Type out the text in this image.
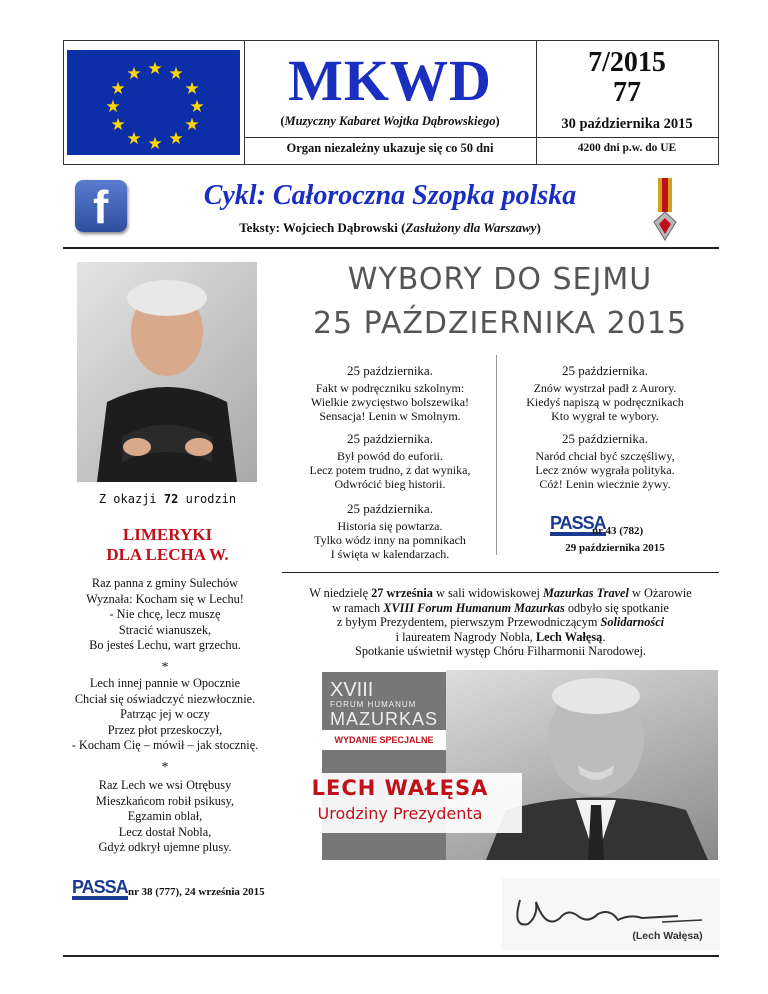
★ ★
★
★
★
★
★
★
★
★
★
★	MKWD
(Muzyczny Kabaret Wojtka Dąbrowskiego)
Organ niezależny ukazuje się co 50 dni
7/2015
77
30 października 2015
4200 dni p.w. do UE
f	Cykl: Całoroczna Szopka polska
Teksty: Wojciech Dąbrowski (Zasłużony dla Warszawy)
Z okazji 72 urodzin
LIMERYKI
DLA LECHA W.
Raz panna z gminy Sulechów
Wyznała: Kocham się w Lechu!
- Nie chcę, lecz muszę
Stracić wianuszek,
Bo jesteś Lechu, wart grzechu.
*
Lech innej pannie w Opocznie
Chciał się oświadczyć niezwłocznie.
Patrząc jej w oczy
Przez płot przeskoczył,
- Kocham Cię – mówił – jak stocznię.
*
Raz Lech we wsi Otrębusy
Mieszkańcom robił psikusy,
Egzamin oblał,
Lecz dostał Nobla,
Gdyż odkrył ujemne plusy.
PASSA nr 38 (777), 24 września 2015
WYBORY DO SEJMU
25 PAŹDZIERNIKA 2015
25 października.
Fakt w podręczniku szkolnym:
Wielkie zwycięstwo bolszewika!
Sensacja! Lenin w Smolnym.
25 października.
Znów wystrzał padł z Aurory.
Kiedyś napiszą w podręcznikach
Kto wygrał te wybory.
25 października.
Był powód do euforii.
Lecz potem trudno, z dat wynika,
Odwrócić bieg historii.
25 października.
Naród chciał być szczęśliwy,
Lecz znów wygrała polityka.
Cóż! Lenin wiecznie żywy.
25 października.
Historia się powtarza.
Tylko wódz inny na pomnikach
I święta w kalendarzach.
PASSA
nr 43 (782)
29 października 2015
W niedzielę 27 września w sali widowiskowej Mazurkas Travel w Ożarowie
w ramach XVIII Forum Humanum Mazurkas odbyło się spotkanie
z byłym Prezydentem, pierwszym Przewodniczącym Solidarności
i laureatem Nagrody Nobla, Lech Wałęsą.
Spotkanie uświetnił występ Chóru Filharmonii Narodowej.
XVIII
FORUM HUMANUM
MAZURKAS
WYDANIE SPECJALNE
LECH WAŁĘSA
Urodziny Prezydenta
(Lech Wałęsa)
